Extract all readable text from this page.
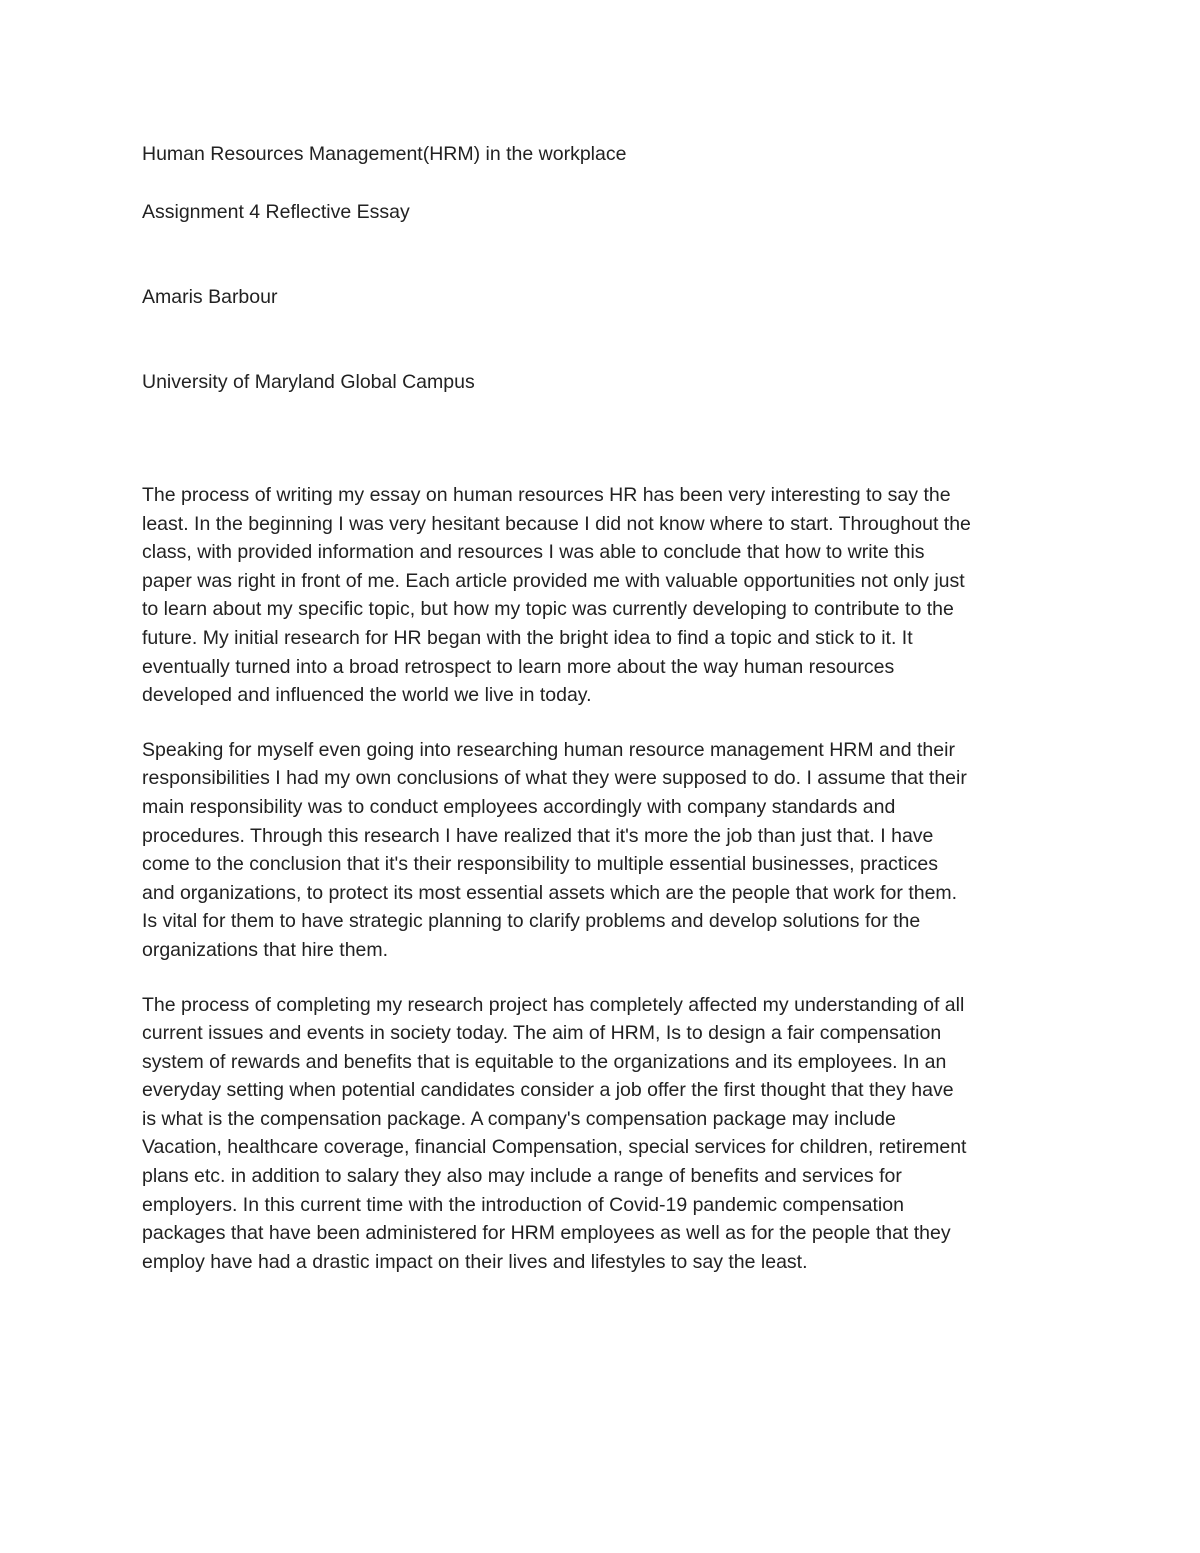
Human Resources Management(HRM) in the workplace
Assignment 4 Reflective Essay
Amaris Barbour
University of Maryland Global Campus
The process of writing my essay on human resources HR has been very interesting to say the
least. In the beginning I was very hesitant because I did not know where to start. Throughout the
class, with provided information and resources I was able to conclude that how to write this
paper was right in front of me. Each article provided me with valuable opportunities not only just
to learn about my specific topic, but how my topic was currently developing to contribute to the
future. My initial research for HR began with the bright idea to find a topic and stick to it. It
eventually turned into a broad retrospect to learn more about the way human resources
developed and influenced the world we live in today.
Speaking for myself even going into researching human resource management HRM and their
responsibilities I had my own conclusions of what they were supposed to do. I assume that their
main responsibility was to conduct employees accordingly with company standards and
procedures. Through this research I have realized that it's more the job than just that. I have
come to the conclusion that it's their responsibility to multiple essential businesses, practices
and organizations, to protect its most essential assets which are the people that work for them.
Is vital for them to have strategic planning to clarify problems and develop solutions for the
organizations that hire them.
The process of completing my research project has completely affected my understanding of all
current issues and events in society today. The aim of HRM, Is to design a fair compensation
system of rewards and benefits that is equitable to the organizations and its employees. In an
everyday setting when potential candidates consider a job offer the first thought that they have
is what is the compensation package. A company's compensation package may include
Vacation, healthcare coverage, financial Compensation, special services for children, retirement
plans etc. in addition to salary they also may include a range of benefits and services for
employers. In this current time with the introduction of Covid-19 pandemic compensation
packages that have been administered for HRM employees as well as for the people that they
employ have had a drastic impact on their lives and lifestyles to say the least.
